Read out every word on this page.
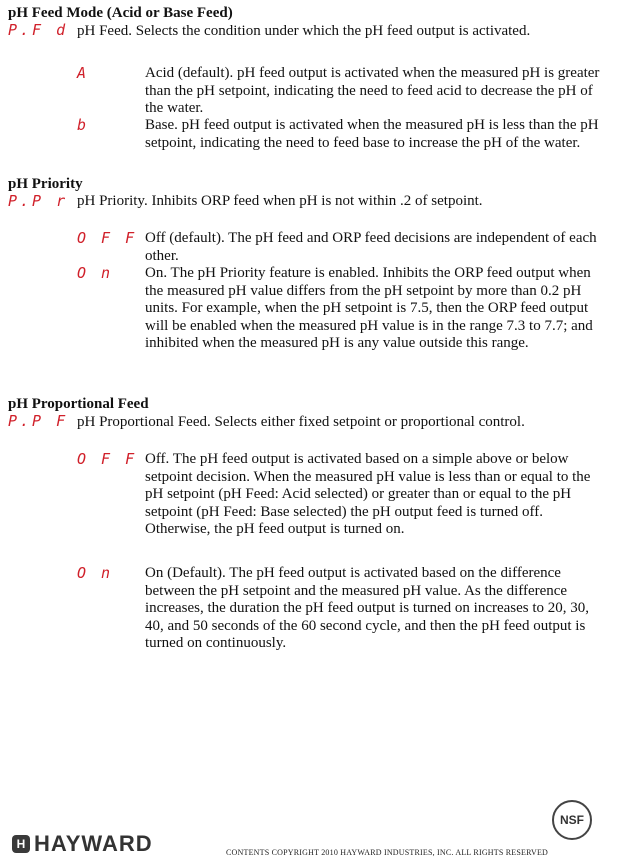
pH Feed Mode (Acid or Base Feed)
P.F d pH Feed. Selects the condition under which the pH feed output is activated.

A	Acid (default). pH feed output is activated when the measured pH is greater than the pH setpoint, indicating the need to feed acid to decrease the pH of the water.

b	Base. pH feed output is activated when the measured pH is less than the pH setpoint, indicating the need to feed base to increase the pH of the water.

pH Priority
P.P r pH Priority. Inhibits ORP feed when pH is not within .2 of setpoint.

O F F Off (default). The pH feed and ORP feed decisions are independent of each other.

O n On. The pH Priority feature is enabled. Inhibits the ORP feed output when the measured pH value differs from the pH setpoint by more than 0.2 pH units. For example, when the pH setpoint is 7.5, then the ORP feed output will be enabled when the measured pH value is in the range 7.3 to 7.7; and inhibited when the measured pH is any value outside this range.

pH Proportional Feed
P.P F pH Proportional Feed. Selects either fixed setpoint or proportional control.

O F F Off. The pH feed output is activated based on a simple above or below setpoint decision. When the measured pH value is less than or equal to the pH setpoint (pH Feed: Acid selected) or greater than or equal to the pH setpoint (pH Feed: Base selected) the pH output feed is turned off. Otherwise, the pH feed output is turned on.

O n On (Default). The pH feed output is activated based on the difference between the pH setpoint and the measured pH value. As the difference increases, the duration the pH feed output is turned on increases to 20, 30, 40, and 50 seconds of the 60 second cycle, and then the pH feed output is turned on continuously.

NSF
H HAYWARD	CONTENTS COPYRIGHT 2010 HAYWARD INDUSTRIES, INC. ALL RIGHTS RESERVED
